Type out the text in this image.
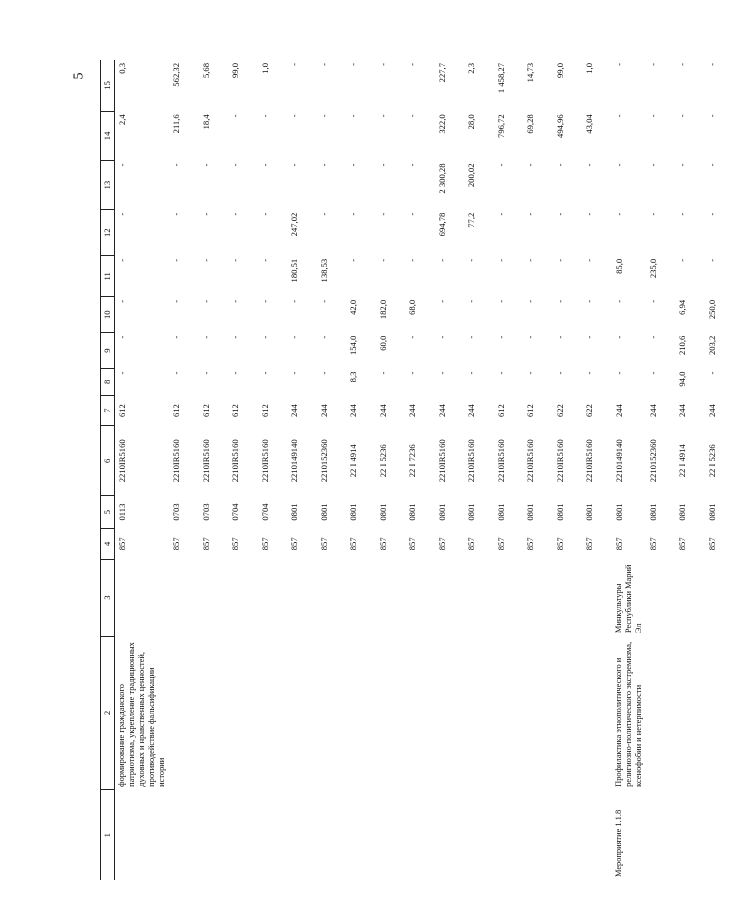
5
1	2	3	4	5	6	7	8	9	10	11	12	13	14	15
	формирование гражданского патриотизма, укрепление традиционных духовных и нравственных ценностей, противодействие фальсификации истории		857	0113	2210IR5160	612	-	-	-	-	-	-	2,4	0,3
			857	0703	2210IR5160	612	-	-	-	-	-	-	211,6	562,32
			857	0703	2210IR5160	612	-	-	-	-	-	-	18,4	5,68
			857	0704	2210IR5160	612	-	-	-	-	-	-	-	99,0
			857	0704	2210IR5160	612	-	-	-	-	-	-	-	1,0
			857	0801	2210149140	244	-	-	-	180,51	247,02	-	-	-
			857	0801	2210152360	244	-	-	-	138,53	-	-	-	-
			857	0801	22 I 4914	244	8,3	154,0	42,0	-	-	-	-	-
			857	0801	22 I 5236	244	-	60,0	182,0	-	-	-	-	-
			857	0801	22 I 7236	244	-	-	68,0	-	-	-	-	-
			857	0801	2210IR5160	244	-	-	-	-	694,78	2 300,28	322,0	227,7
			857	0801	2210IR5160	244	-	-	-	-	77,2	200,02	28,0	2,3
			857	0801	2210IR5160	612	-	-	-	-	-	-	796,72	1 458,27
			857	0801	2210IR5160	612	-	-	-	-	-	-	69,28	14,73
			857	0801	2210IR5160	622	-	-	-	-	-	-	494,96	99,0
			857	0801	2210IR5160	622	-	-	-	-	-	-	43,04	1,0
Мероприятие 1.1.8	Профилактика этнополитического и религиозно-политического экстремизма, ксенофобии и нетерпимости	Минкультуры Республики Марий Эл	857	0801	2210149140	244	-	-	-	85,0	-	-	-	-
			857	0801	2210152360	244	-	-	-	235,0	-	-	-	-
			857	0801	22 I 4914	244	94,0	210,6	6,94	-	-	-	-	-
			857	0801	22 I 5236	244	-	203,2	250,0	-	-	-	-	-
